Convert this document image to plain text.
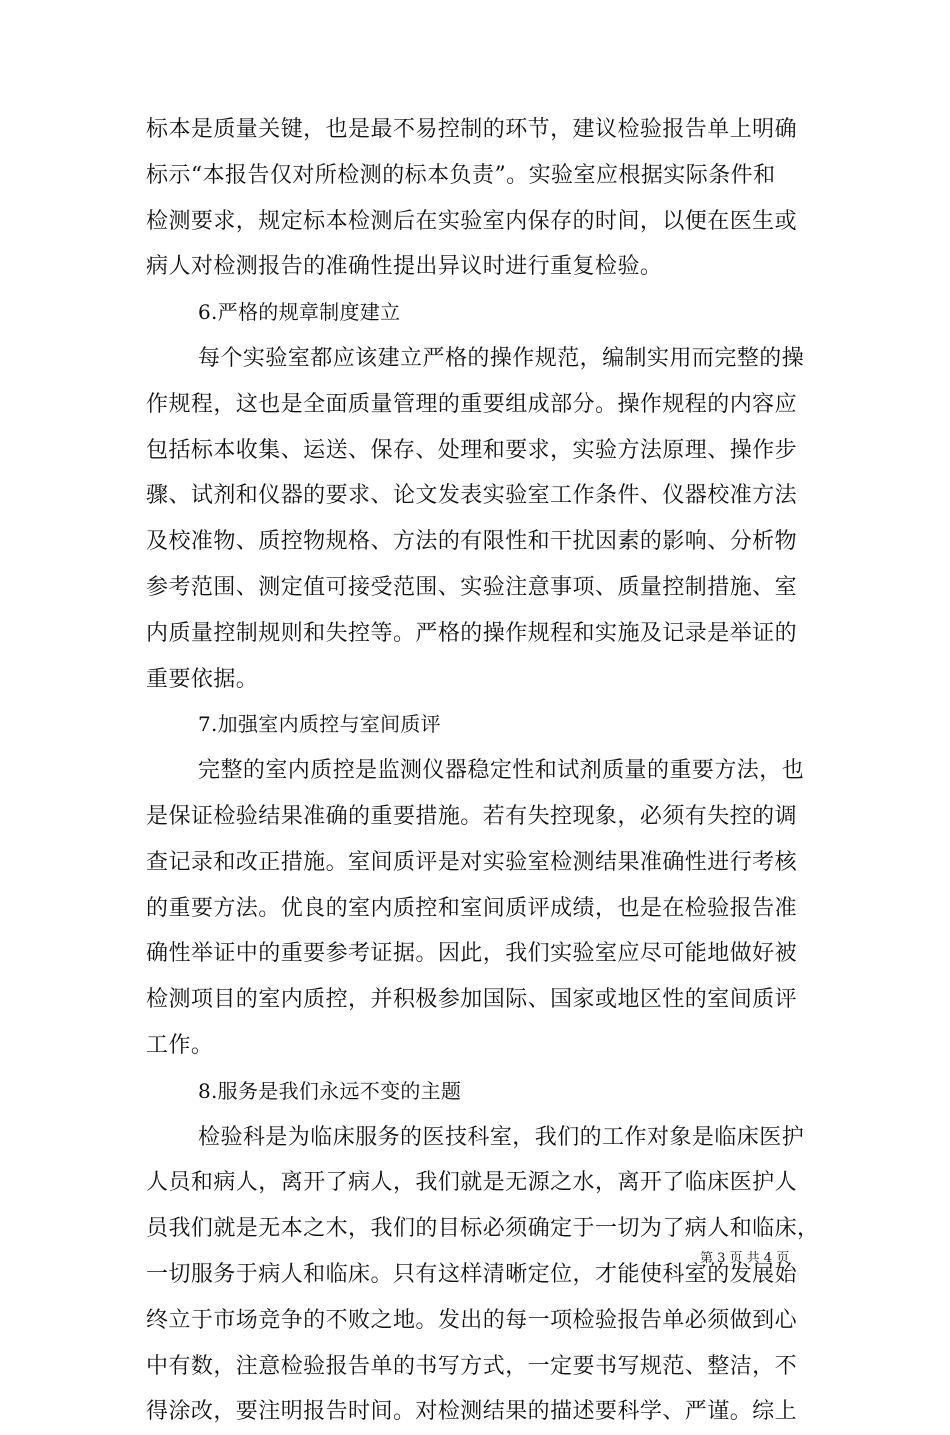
标本是质量关键，也是最不易控制的环节，建议检验报告单上明确
标示“本报告仅对所检测的标本负责”。实验室应根据实际条件和
检测要求，规定标本检测后在实验室内保存的时间，以便在医生或
病人对检测报告的准确性提出异议时进行重复检验。
6.严格的规章制度建立
每个实验室都应该建立严格的操作规范，编制实用而完整的操
作规程，这也是全面质量管理的重要组成部分。操作规程的内容应
包括标本收集、运送、保存、处理和要求，实验方法原理、操作步
骤、试剂和仪器的要求、论文发表实验室工作条件、仪器校准方法
及校准物、质控物规格、方法的有限性和干扰因素的影响、分析物
参考范围、测定值可接受范围、实验注意事项、质量控制措施、室
内质量控制规则和失控等。严格的操作规程和实施及记录是举证的
重要依据。
7.加强室内质控与室间质评
完整的室内质控是监测仪器稳定性和试剂质量的重要方法，也
是保证检验结果准确的重要措施。若有失控现象，必须有失控的调
查记录和改正措施。室间质评是对实验室检测结果准确性进行考核
的重要方法。优良的室内质控和室间质评成绩，也是在检验报告准
确性举证中的重要参考证据。因此，我们实验室应尽可能地做好被
检测项目的室内质控，并积极参加国际、国家或地区性的室间质评
工作。
8.服务是我们永远不变的主题
检验科是为临床服务的医技科室，我们的工作对象是临床医护
人员和病人，离开了病人，我们就是无源之水，离开了临床医护人
员我们就是无本之木，我们的目标必须确定于一切为了病人和临床，
一切服务于病人和临床。只有这样清晰定位，才能使科室的发展始
终立于市场竞争的不败之地。发出的每一项检验报告单必须做到心
中有数，注意检验报告单的书写方式，一定要书写规范、整洁，不
得涂改，要注明报告时间。对检测结果的描述要科学、严谨。综上
第 3 页 共 4 页
